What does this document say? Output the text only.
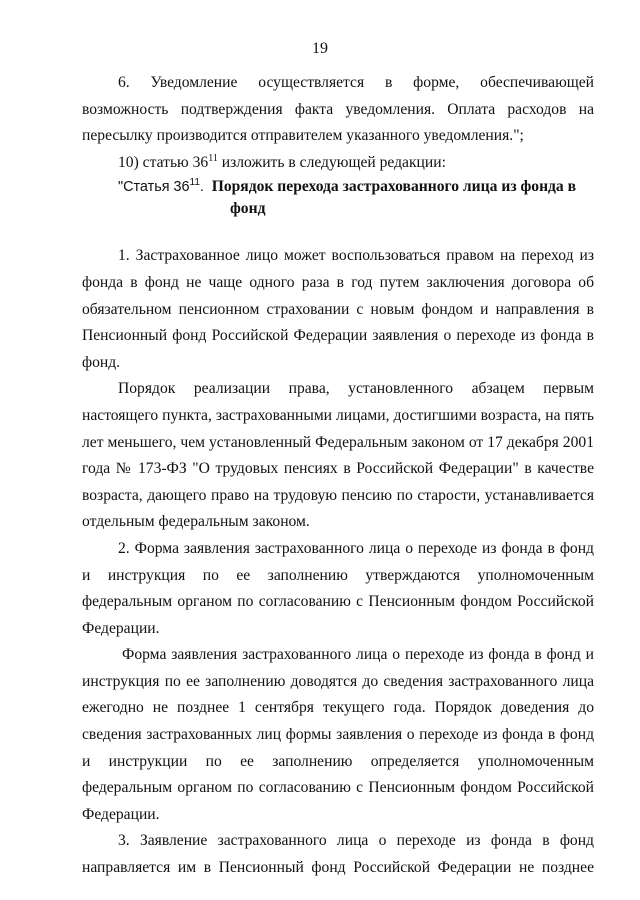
19

6. Уведомление осуществляется в форме, обеспечивающей возможность подтверждения факта уведомления. Оплата расходов на пересылку производится отправителем указанного уведомления.";

10) статью $36^{11}$ изложить в следующей редакции:

"Статья $36^{11}$. Порядок перехода застрахованного лица из фонда в
фонд

1. Застрахованное лицо может воспользоваться правом на переход из фонда в фонд не чаще одного раза в год путем заключения договора об обязательном пенсионном страховании с новым фондом и направления в Пенсионный фонд Российской Федерации заявления о переходе из фонда в фонд.

Порядок реализации права, установленного абзацем первым настоящего пункта, застрахованными лицами, достигшими возраста, на пять лет меньшего, чем установленный Федеральным законом от 17 декабря 2001 года № 173-ФЗ "О трудовых пенсиях в Российской Федерации" в качестве возраста, дающего право на трудовую пенсию по старости, устанавливается отдельным федеральным законом.

2. Форма заявления застрахованного лица о переходе из фонда в фонд и инструкция по ее заполнению утверждаются уполномоченным федеральным органом по согласованию с Пенсионным фондом Российской Федерации.

Форма заявления застрахованного лица о переходе из фонда в фонд и инструкция по ее заполнению доводятся до сведения застрахованного лица ежегодно не позднее 1 сентября текущего года. Порядок доведения до сведения застрахованных лиц формы заявления о переходе из фонда в фонд и инструкции по ее заполнению определяется уполномоченным федеральным органом по согласованию с Пенсионным фондом Российской Федерации.

3. Заявление застрахованного лица о переходе из фонда в фонд направляется им в Пенсионный фонд Российской Федерации не позднее
